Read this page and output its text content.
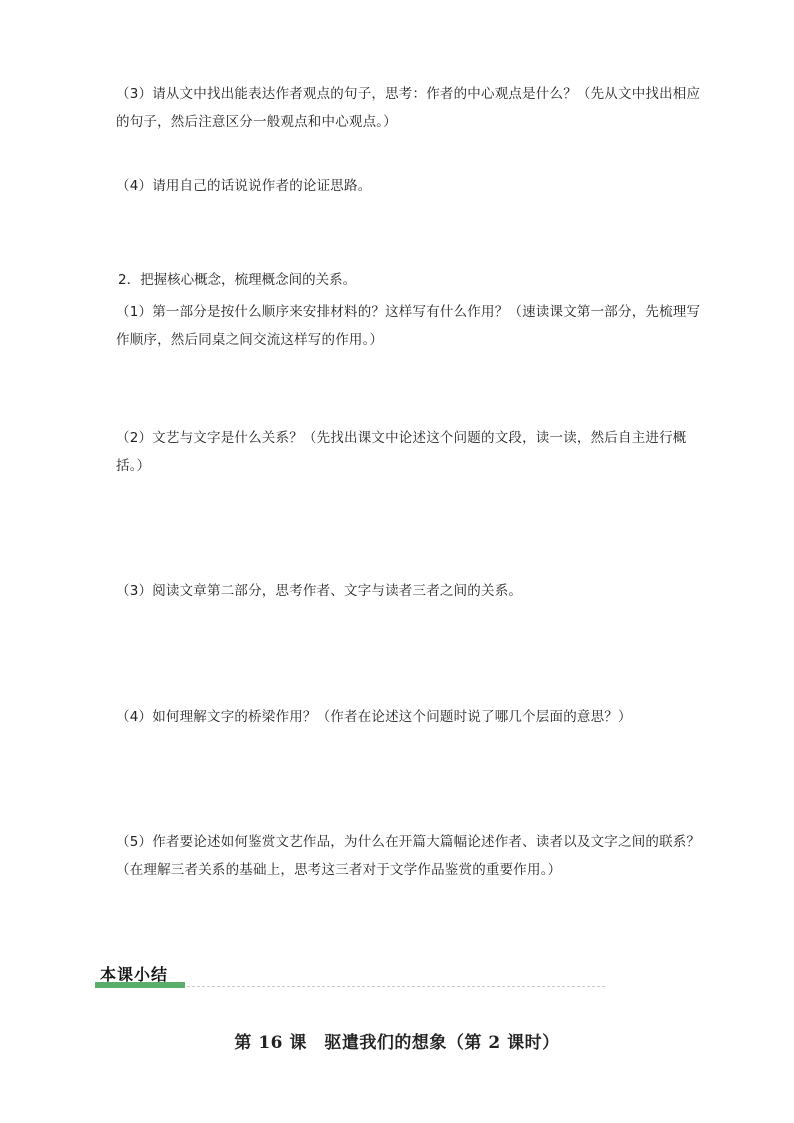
（3）请从文中找出能表达作者观点的句子，思考：作者的中心观点是什么？（先从文中找出相应的句子，然后注意区分一般观点和中心观点。）
（4）请用自己的话说说作者的论证思路。
2．把握核心概念，梳理概念间的关系。
（1）第一部分是按什么顺序来安排材料的？这样写有什么作用？（速读课文第一部分，先梳理写作顺序，然后同桌之间交流这样写的作用。）
（2）文艺与文字是什么关系？（先找出课文中论述这个问题的文段，读一读，然后自主进行概括。）
（3）阅读文章第二部分，思考作者、文字与读者三者之间的关系。
（4）如何理解文字的桥梁作用？（作者在论述这个问题时说了哪几个层面的意思？）
（5）作者要论述如何鉴赏文艺作品，为什么在开篇大篇幅论述作者、读者以及文字之间的联系？（在理解三者关系的基础上，思考这三者对于文学作品鉴赏的重要作用。）
本课小结
第 16 课　驱遣我们的想象（第 2 课时）
